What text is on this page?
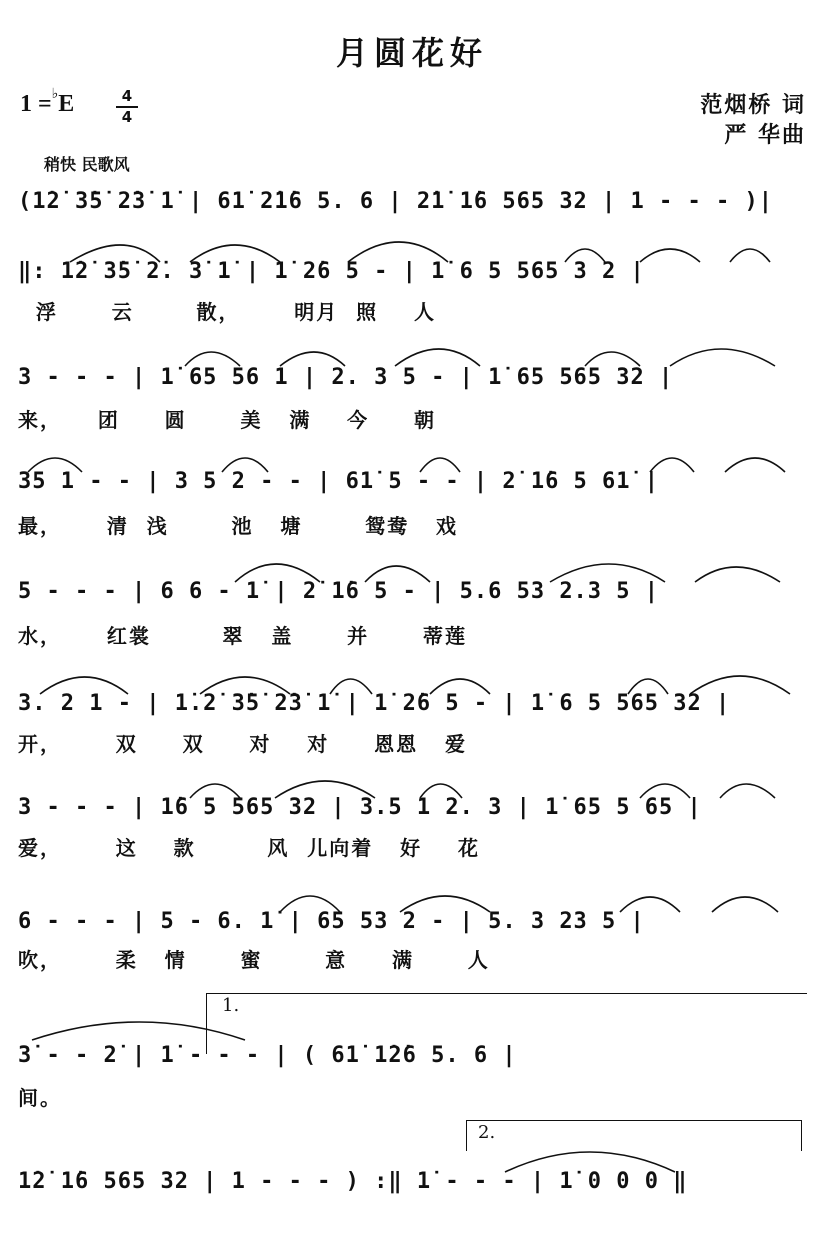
月圆花好
1 =♭E	4
4	范烟桥 词
严 华曲
稍快 民歌风
(1̇2̇ 3̇5̇ 2̇3̇ 1̇ | 61̇ 2̇1̇6 5. 6 | 2̇1̇ 1̇6 565 32 | 1 - - - )|
‖: 1̇2̇ 3̇5̇ 2̇. 3̇ 1̇ | 1̇ 2̇6 5 - | 1̇ 6 5 565 3 2 |
浮      云       散，      明月  照    人
3 - - - | 1̇ 65 56 1 | 2. 3 5 - | 1̇ 65 565 32 |
来，    团     圆      美   满    今     朝
35 1 - - | 3 5 2 - - | 61̇ 5 - - | 2̇ 1̇6 5 61̇ |
最，     清  浅       池   塘       鸳鸯   戏
5 - - - | 6 6 - 1̇ | 2̇ 1̇6 5 - | 5.6 53 2.3 5 |
水，     红裳        翠   盖      并      蒂莲
3. 2 1 - | 1̇.2̇ 3̇5̇ 2̇3̇ 1̇ | 1̇ 2̇6 5 - | 1̇ 6 5 565 32 |
开，      双     双     对    对     恩恩   爱
3 - - - | 1̇6 5 565 32 | 3.5 1 2. 3 | 1̇ 65 5 65 |
爱，      这    款        风  儿向着   好    花
6 - - - | 5 - 6. 1̇ | 65 53 2 - | 5. 3 23 5 |
吹，      柔   情      蜜       意     满      人
1.
3̇ - - 2̇ | 1̇ - - - | ( 61̇ 1̇2̇6 5. 6 |
间。
2.
1̇2̇ 1̇6 565 32 | 1 - - - ) :‖ 1̇ - - - | 1̇ 0 0 0 ‖
